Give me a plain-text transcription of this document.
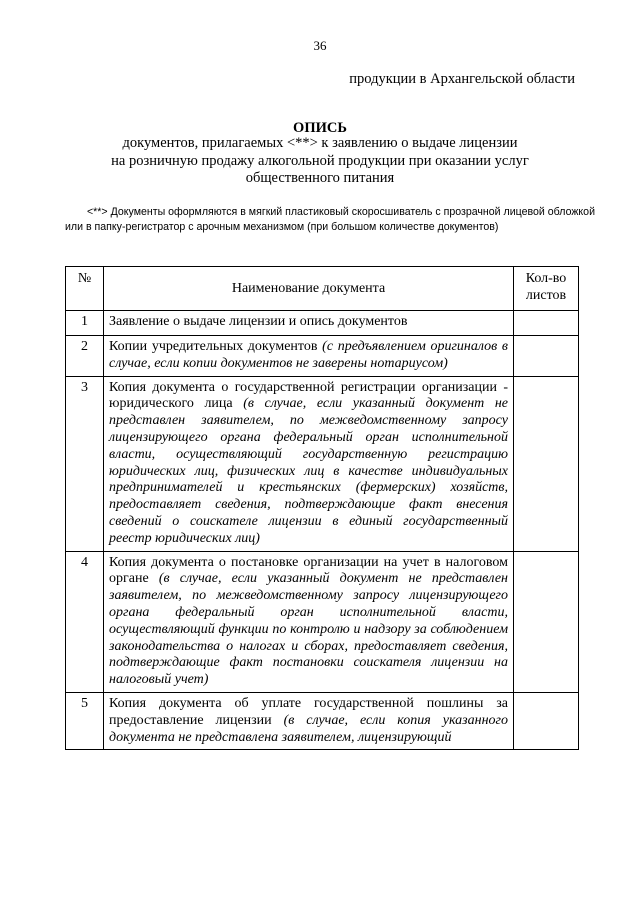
36
продукции в Архангельской области
ОПИСЬ
документов, прилагаемых <**> к заявлению о выдаче лицензии
на розничную продажу алкогольной продукции при оказании услуг
общественного питания
<**> Документы оформляются в мягкий пластиковый скоросшиватель с прозрачной лицевой обложкой или в папку-регистратор с арочным механизмом (при большом количестве документов)
№	Наименование документа	Кол-во
листов

1	Заявление о выдаче лицензии и опись документов	
2	Копии учредительных документов (с предъявлением оригиналов в случае, если копии документов не заверены нотариусом)	
3	Копия документа о государственной регистрации организации - юридического лица (в случае, если указанный документ не представлен заявителем, по межведомственному запросу лицензирующего органа федеральный орган исполнительной власти, осуществляющий государственную регистрацию юридических лиц, физических лиц в качестве индивидуальных предпринимателей и крестьянских (фермерских) хозяйств, предоставляет сведения, подтверждающие факт внесения сведений о соискателе лицензии в единый государственный реестр юридических лиц)	
4	Копия документа о постановке организации на учет в налоговом органе (в случае, если указанный документ не представлен заявителем, по межведомственному запросу лицензирующего органа федеральный орган исполнительной власти, осуществляющий функции по контролю и надзору за соблюдением законодательства о налогах и сборах, предоставляет сведения, подтверждающие факт постановки соискателя лицензии на налоговый учет)	
5	Копия документа об уплате государственной пошлины за предоставление лицензии (в случае, если копия указанного документа не представлена заявителем, лицензирующий	
